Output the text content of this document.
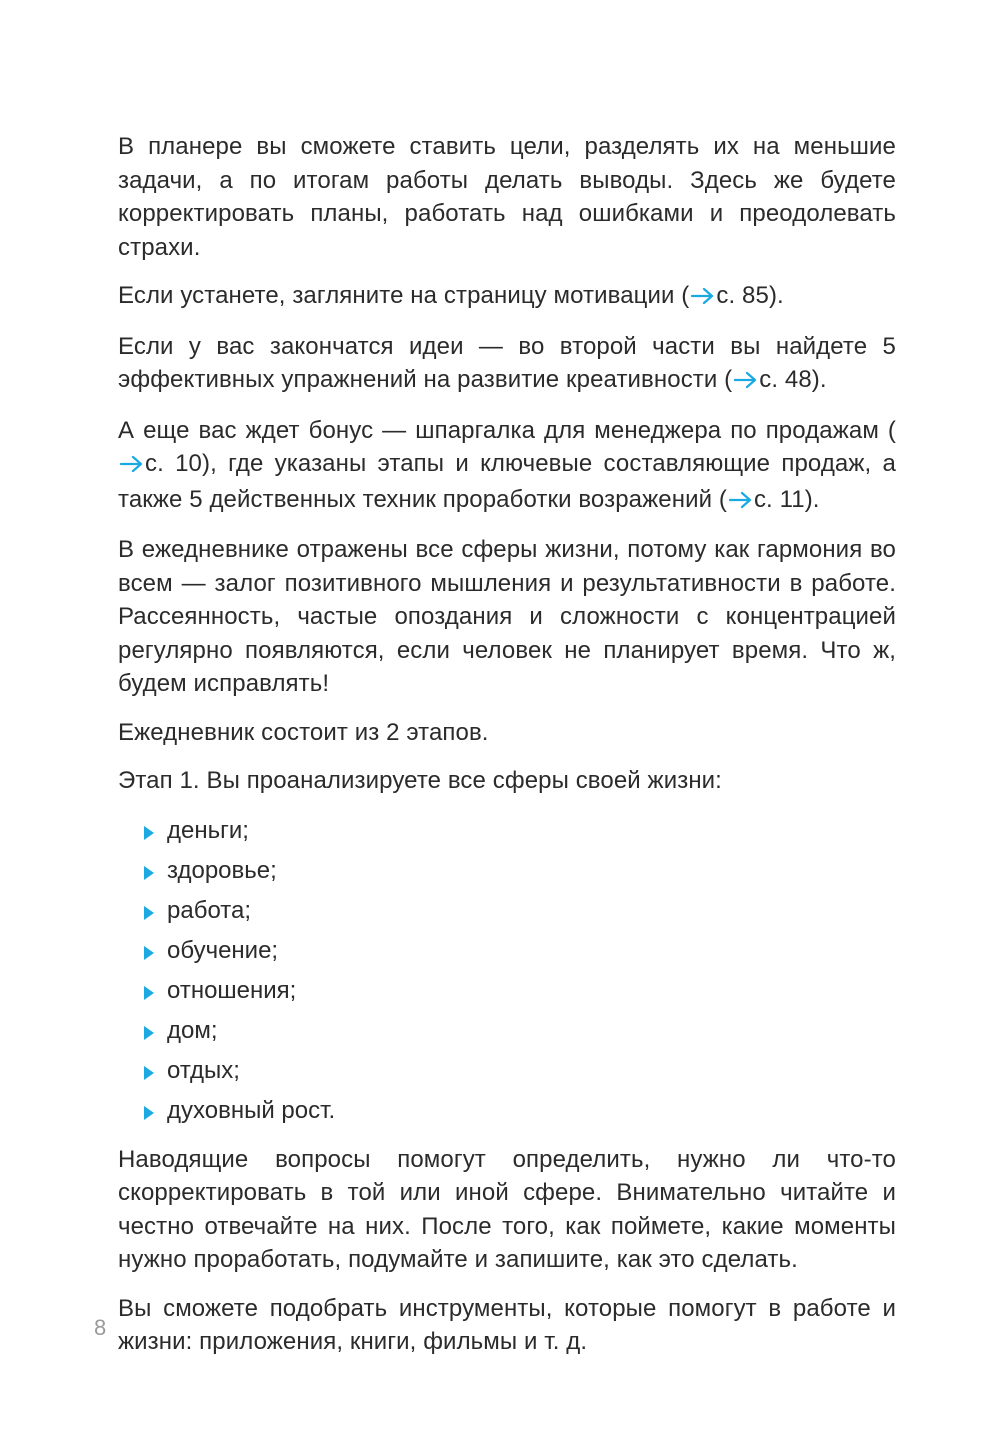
В планере вы сможете ставить цели, разделять их на меньшие задачи, а по итогам работы делать выводы. Здесь же будете корректировать планы, работать над ошибками и преодолевать страхи.

Если устанете, загляните на страницу мотивации ( с. 85).

Если у вас закончатся идеи — во второй части вы найдете 5 эффективных упражнений на развитие креативности ( с. 48).

А еще вас ждет бонус — шпаргалка для менеджера по продажам (с. 10), где указаны этапы и ключевые составляющие продаж, а также 5 действенных техник проработки возражений ( с. 11).

В ежедневнике отражены все сферы жизни, потому как гармония во всем — залог позитивного мышления и результативности в работе. Рассеянность, частые опоздания и сложности с концентрацией регулярно появляются, если человек не планирует время. Что ж, будем исправлять!

Ежедневник состоит из 2 этапов.

Этап 1. Вы проанализируете все сферы своей жизни:

деньги;
здоровье;
работа;
обучение;
отношения;
дом;
отдых;
духовный рост.

Наводящие вопросы помогут определить, нужно ли что-то скорректировать в той или иной сфере. Внимательно читайте и честно отвечайте на них. После того, как поймете, какие моменты нужно проработать, подумайте и запишите, как это сделать.

Вы сможете подобрать инструменты, которые помогут в работе и жизни: приложения, книги, фильмы и т. д.

8
